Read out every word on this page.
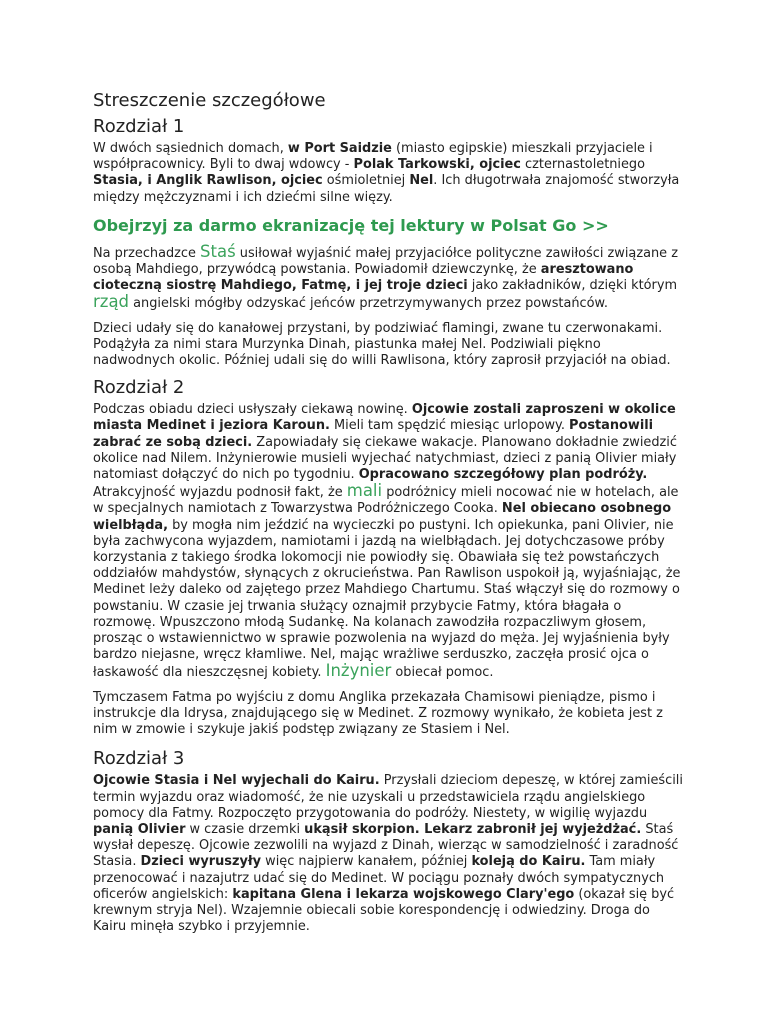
Streszczenie szczegółowe
Rozdział 1

W dwóch sąsiednich domach, w Port Saidzie (miasto egipskie) mieszkali przyjaciele i współpracownicy. Byli to dwaj wdowcy - Polak Tarkowski, ojciec czternastoletniego Stasia, i Anglik Rawlison, ojciec ośmioletniej Nel. Ich długotrwała znajomość stworzyła między mężczyznami i ich dziećmi silne więzy.

Obejrzyj za darmo ekranizację tej lektury w Polsat Go >>

Na przechadzce Staś usiłował wyjaśnić małej przyjaciółce polityczne zawiłości związane z osobą Mahdiego, przywódcą powstania. Powiadomił dziewczynkę, że aresztowano cioteczną siostrę Mahdiego, Fatmę, i jej troje dzieci jako zakładników, dzięki którym rząd angielski mógłby odzyskać jeńców przetrzymywanych przez powstańców.

Dzieci udały się do kanałowej przystani, by podziwiać flamingi, zwane tu czerwonakami. Podążyła za nimi stara Murzynka Dinah, piastunka małej Nel. Podziwiali piękno nadwodnych okolic. Później udali się do willi Rawlisona, który zaprosił przyjaciół na obiad.

Rozdział 2

Podczas obiadu dzieci usłyszały ciekawą nowinę. Ojcowie zostali zaproszeni w okolice miasta Medinet i jeziora Karoun. Mieli tam spędzić miesiąc urlopowy. Postanowili zabrać ze sobą dzieci. Zapowiadały się ciekawe wakacje. Planowano dokładnie zwiedzić okolice nad Nilem. Inżynierowie musieli wyjechać natychmiast, dzieci z panią Olivier miały natomiast dołączyć do nich po tygodniu. Opracowano szczegółowy plan podróży. Atrakcyjność wyjazdu podnosił fakt, że mali podróżnicy mieli nocować nie w hotelach, ale w specjalnych namiotach z Towarzystwa Podróżniczego Cooka. Nel obiecano osobnego wielbłąda, by mogła nim jeździć na wycieczki po pustyni. Ich opiekunka, pani Olivier, nie była zachwycona wyjazdem, namiotami i jazdą na wielbłądach. Jej dotychczasowe próby korzystania z takiego środka lokomocji nie powiodły się. Obawiała się też powstańczych oddziałów mahdystów, słynących z okrucieństwa. Pan Rawlison uspokoił ją, wyjaśniając, że Medinet leży daleko od zajętego przez Mahdiego Chartumu. Staś włączył się do rozmowy o powstaniu. W czasie jej trwania służący oznajmił przybycie Fatmy, która błagała o rozmowę. Wpuszczono młodą Sudankę. Na kolanach zawodziła rozpaczliwym głosem, prosząc o wstawiennictwo w sprawie pozwolenia na wyjazd do męża. Jej wyjaśnienia były bardzo niejasne, wręcz kłamliwe. Nel, mając wrażliwe serduszko, zaczęła prosić ojca o łaskawość dla nieszczęsnej kobiety. Inżynier obiecał pomoc.

Tymczasem Fatma po wyjściu z domu Anglika przekazała Chamisowi pieniądze, pismo i instrukcje dla Idrysa, znajdującego się w Medinet. Z rozmowy wynikało, że kobieta jest z nim w zmowie i szykuje jakiś podstęp związany ze Stasiem i Nel.

Rozdział 3

Ojcowie Stasia i Nel wyjechali do Kairu. Przysłali dzieciom depeszę, w której zamieścili termin wyjazdu oraz wiadomość, że nie uzyskali u przedstawiciela rządu angielskiego pomocy dla Fatmy. Rozpoczęto przygotowania do podróży. Niestety, w wigilię wyjazdu panią Olivier w czasie drzemki ukąsił skorpion. Lekarz zabronił jej wyjeżdżać. Staś wysłał depeszę. Ojcowie zezwolili na wyjazd z Dinah, wierząc w samodzielność i zaradność Stasia. Dzieci wyruszyły więc najpierw kanałem, później koleją do Kairu. Tam miały przenocować i nazajutrz udać się do Medinet. W pociągu poznały dwóch sympatycznych oficerów angielskich: kapitana Glena i lekarza wojskowego Clary'ego (okazał się być krewnym stryja Nel). Wzajemnie obiecali sobie korespondencję i odwiedziny. Droga do Kairu minęła szybko i przyjemnie.
